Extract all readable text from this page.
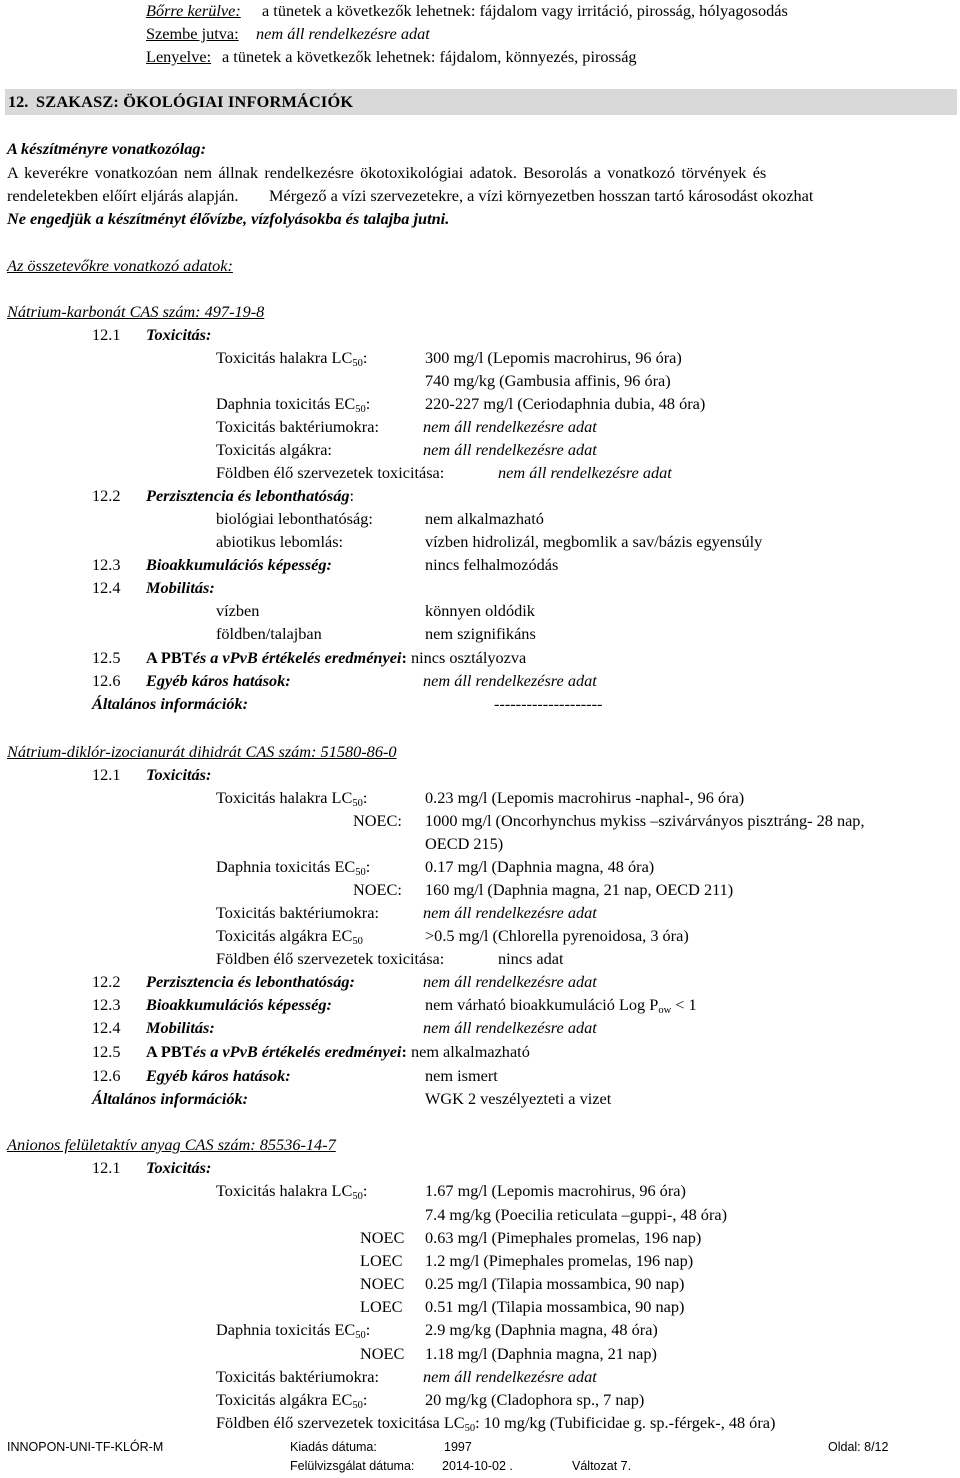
Bőrre kerülve: a tünetek a következők lehetnek: fájdalom vagy irritáció, pirosság, hólyagosodás
Szembe jutva: nem áll rendelkezésre adat
Lenyelve: a tünetek a következők lehetnek: fájdalom, könnyezés, pirosság
12. SZAKASZ: ÖKOLÓGIAI INFORMÁCIÓK
A készítményre vonatkozólag:
A keverékre vonatkozóan nem állnak rendelkezésre ökotoxikológiai adatok. Besorolás a vonatkozó törvények és
rendeletekben előírt eljárás alapján. Mérgező a vízi szervezetekre, a vízi környezetben hosszan tartó károsodást okozhat
Ne engedjük a készítményt élővízbe, vízfolyásokba és talajba jutni.
Az összetevőkre vonatkozó adatok:
Nátrium-karbonát CAS szám: 497-19-8
12.1 Toxicitás:
Toxicitás halakra LC50:	300 mg/l (Lepomis macrohirus, 96 óra)
740 mg/kg (Gambusia affinis, 96 óra)
Daphnia toxicitás EC50:	220-227 mg/l (Ceriodaphnia dubia, 48 óra)
Toxicitás baktériumokra:	nem áll rendelkezésre adat
Toxicitás algákra:	nem áll rendelkezésre adat
Földben élő szervezetek toxicitása:	nem áll rendelkezésre adat
12.2 Perzisztencia és lebonthatóság:
biológiai lebonthatóság:	nem alkalmazható
abiotikus lebomlás:	vízben hidrolizál, megbomlik a sav/bázis egyensúly
12.3 Bioakkumulációs képesség:	nincs felhalmozódás
12.4 Mobilitás:
vízben	könnyen oldódik
földben/talajban	nem szignifikáns
12.5 A PBTés a vPvB értékelés eredményei: nincs osztályozva
12.6 Egyéb káros hatások:	nem áll rendelkezésre adat
Általános információk:	--------------------
Nátrium-diklór-izocianurát dihidrát CAS szám: 51580-86-0
12.1 Toxicitás:
Toxicitás halakra LC50:	0.23 mg/l (Lepomis macrohirus -naphal-, 96 óra)
NOEC: 1000 mg/l (Oncorhynchus mykiss –szivárványos pisztráng- 28 nap,
OECD 215)
Daphnia toxicitás EC50:	0.17 mg/l (Daphnia magna, 48 óra)
NOEC: 160 mg/l (Daphnia magna, 21 nap, OECD 211)
Toxicitás baktériumokra:	nem áll rendelkezésre adat
Toxicitás algákra EC50	>0.5 mg/l (Chlorella pyrenoidosa, 3 óra)
Földben élő szervezetek toxicitása:	nincs adat
12.2 Perzisztencia és lebonthatóság:	nem áll rendelkezésre adat
12.3 Bioakkumulációs képesség:	nem várható bioakkumuláció Log Pow < 1
12.4 Mobilitás:	nem áll rendelkezésre adat
12.5 A PBTés a vPvB értékelés eredményei: nem alkalmazható
12.6 Egyéb káros hatások:	nem ismert
Általános információk:	WGK 2 veszélyezteti a vizet
Anionos felületaktív anyag CAS szám: 85536-14-7
12.1 Toxicitás:
Toxicitás halakra LC50:	1.67 mg/l (Lepomis macrohirus, 96 óra)
7.4 mg/kg (Poecilia reticulata –guppi-, 48 óra)
NOEC 0.63 mg/l (Pimephales promelas, 196 nap)
LOEC 1.2 mg/l (Pimephales promelas, 196 nap)
NOEC 0.25 mg/l (Tilapia mossambica, 90 nap)
LOEC 0.51 mg/l (Tilapia mossambica, 90 nap)
Daphnia toxicitás EC50:	2.9 mg/kg (Daphnia magna, 48 óra)
NOEC 1.18 mg/l (Daphnia magna, 21 nap)
Toxicitás baktériumokra:	nem áll rendelkezésre adat
Toxicitás algákra EC50:	20 mg/kg (Cladophora sp., 7 nap)
Földben élő szervezetek toxicitása LC50: 10 mg/kg (Tubificidae g. sp.-férgek-, 48 óra)
INNOPON-UNI-TF-KLÓR-M	Kiadás dátuma:	1997	Oldal: 8/12
Felülvizsgálat dátuma: 2014-10-02 .	Változat 7.
